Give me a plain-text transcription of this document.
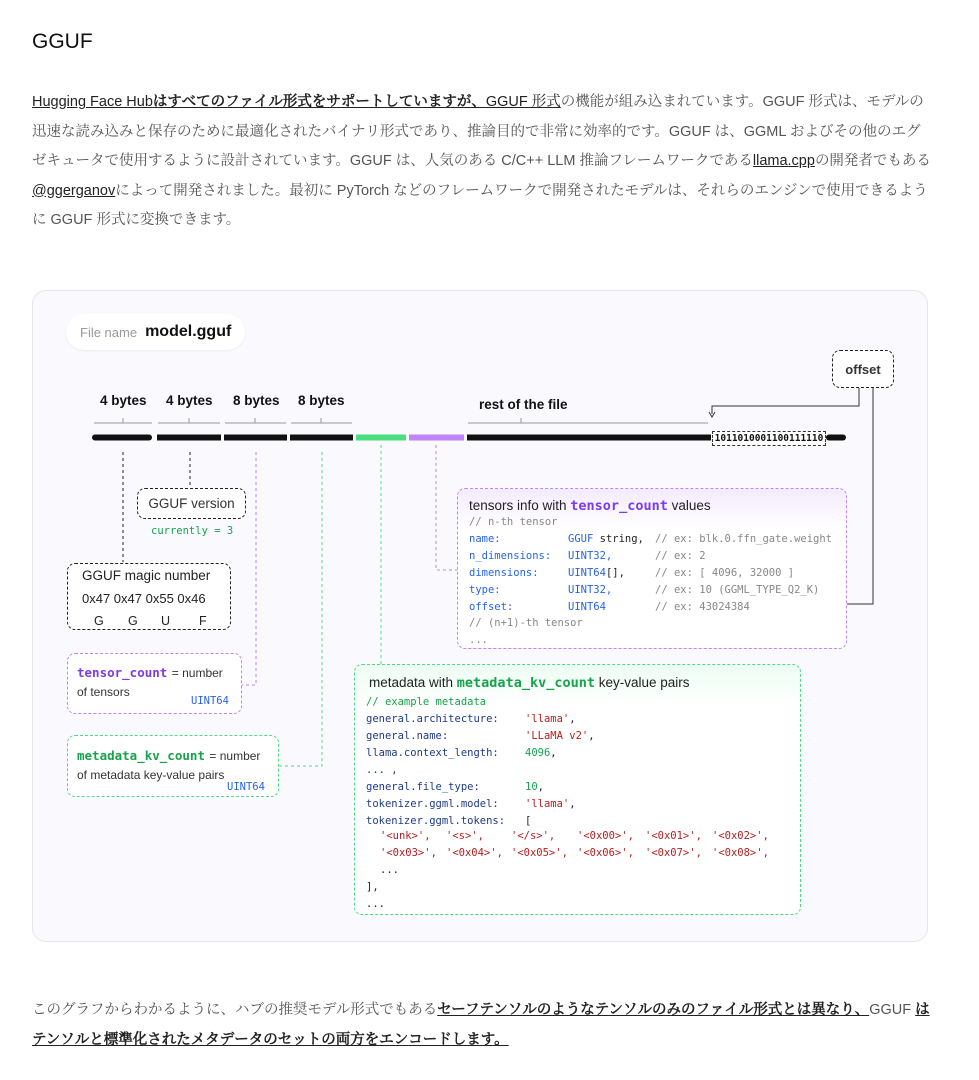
GGUF

Hugging Face Hubはすべてのファイル形式をサポートしていますが、GGUF 形式の機能が組み込まれています。GGUF 形式は、モデルの迅速な読み込みと保存のために最適化されたバイナリ形式であり、推論目的で非常に効率的です。GGUF は、GGML およびその他のエグゼキュータで使用するように設計されています。GGUF は、人気のある C/C++ LLM 推論フレームワークであるllama.cppの開発者でもある@ggerganovによって開発されました。最初に PyTorch などのフレームワークで開発されたモデルは、それらのエンジンで使用できるように GGUF 形式に変換できます。

File name model.gguf
4 bytes 4 bytes 8 bytes 8 bytes	rest of the file
offset
1011010001100111110
GGUF version
currently = 3
GGUF magic number
0x47 0x47 0x55 0x46
G G U F
tensor_count = number
of tensors
UINT64
metadata_kv_count = number
of metadata key-value pairs
UINT64
tensors info with tensor_count values
// n-th tensor
name:	GGUF string, // ex: blk.0.ffn_gate.weight
n_dimensions: UINT32,	// ex: 2
dimensions:	UINT64[],	// ex: [ 4096, 32000 ]
type:	UINT32,	// ex: 10 (GGML_TYPE_Q2_K)
offset:	UINT64	// ex: 43024384
// (n+1)-th tensor
...
metadata with metadata_kv_count key-value pairs
// example metadata
general.architecture: 'llama',
general.name:	'LLaMA v2',
llama.context_length: 4096,
... ,
general.file_type:	10,
tokenizer.ggml.model: 'llama',
tokenizer.ggml.tokens: [
'<unk>', '<s>',	'</s>', '<0x00>', '<0x01>', '<0x02>',
'<0x03>', '<0x04>', '<0x05>', '<0x06>', '<0x07>', '<0x08>',
...
],
...

このグラフからわかるように、ハブの推奨モデル形式でもあるセーフテンソルのようなテンソルのみのファイル形式とは異なり、GGUF はテンソルと標準化されたメタデータのセットの両方をエンコードします。
